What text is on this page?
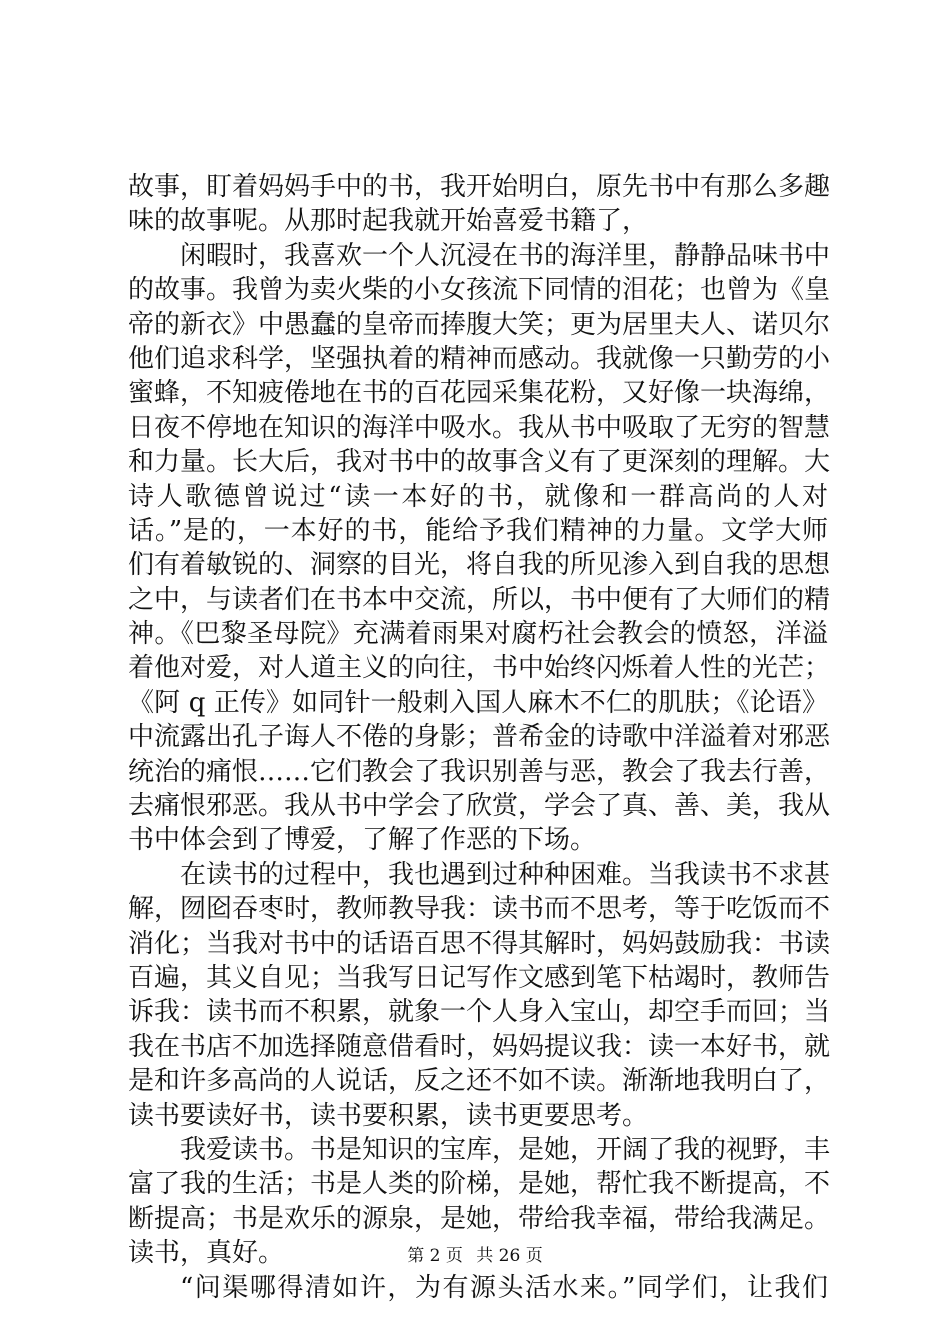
故事，盯着妈妈手中的书，我开始明白，原先书中有那么多趣
味的故事呢。从那时起我就开始喜爱书籍了，
闲暇时，我喜欢一个人沉浸在书的海洋里，静静品味书中
的故事。我曾为卖火柴的小女孩流下同情的泪花；也曾为《皇
帝的新衣》中愚蠢的皇帝而捧腹大笑；更为居里夫人、诺贝尔
他们追求科学，坚强执着的精神而感动。我就像一只勤劳的小
蜜蜂，不知疲倦地在书的百花园采集花粉，又好像一块海绵，
日夜不停地在知识的海洋中吸水。我从书中吸取了无穷的智慧
和力量。长大后，我对书中的故事含义有了更深刻的理解。大
诗人歌德曾说过“读一本好的书，就像和一群高尚的人对
话。”是的，一本好的书，能给予我们精神的力量。文学大师
们有着敏锐的、洞察的目光，将自我的所见渗入到自我的思想
之中，与读者们在书本中交流，所以，书中便有了大师们的精
神。《巴黎圣母院》充满着雨果对腐朽社会教会的愤怒，洋溢
着他对爱，对人道主义的向往，书中始终闪烁着人性的光芒；
《阿 q 正传》如同针一般刺入国人麻木不仁的肌肤；《论语》
中流露出孔子诲人不倦的身影；普希金的诗歌中洋溢着对邪恶
统治的痛恨……它们教会了我识别善与恶，教会了我去行善，
去痛恨邪恶。我从书中学会了欣赏，学会了真、善、美，我从
书中体会到了博爱，了解了作恶的下场。
在读书的过程中，我也遇到过种种困难。当我读书不求甚
解，囫囵吞枣时，教师教导我：读书而不思考，等于吃饭而不
消化；当我对书中的话语百思不得其解时，妈妈鼓励我：书读
百遍，其义自见；当我写日记写作文感到笔下枯竭时，教师告
诉我：读书而不积累，就象一个人身入宝山，却空手而回；当
我在书店不加选择随意借看时，妈妈提议我：读一本好书，就
是和许多高尚的人说话，反之还不如不读。渐渐地我明白了，
读书要读好书，读书要积累，读书更要思考。
我爱读书。书是知识的宝库，是她，开阔了我的视野，丰
富了我的生活；书是人类的阶梯，是她，帮忙我不断提高，不
断提高；书是欢乐的源泉，是她，带给我幸福，带给我满足。
读书，真好。
“问渠哪得清如许，为有源头活水来。”同学们，让我们
第 2 页 共 26 页
